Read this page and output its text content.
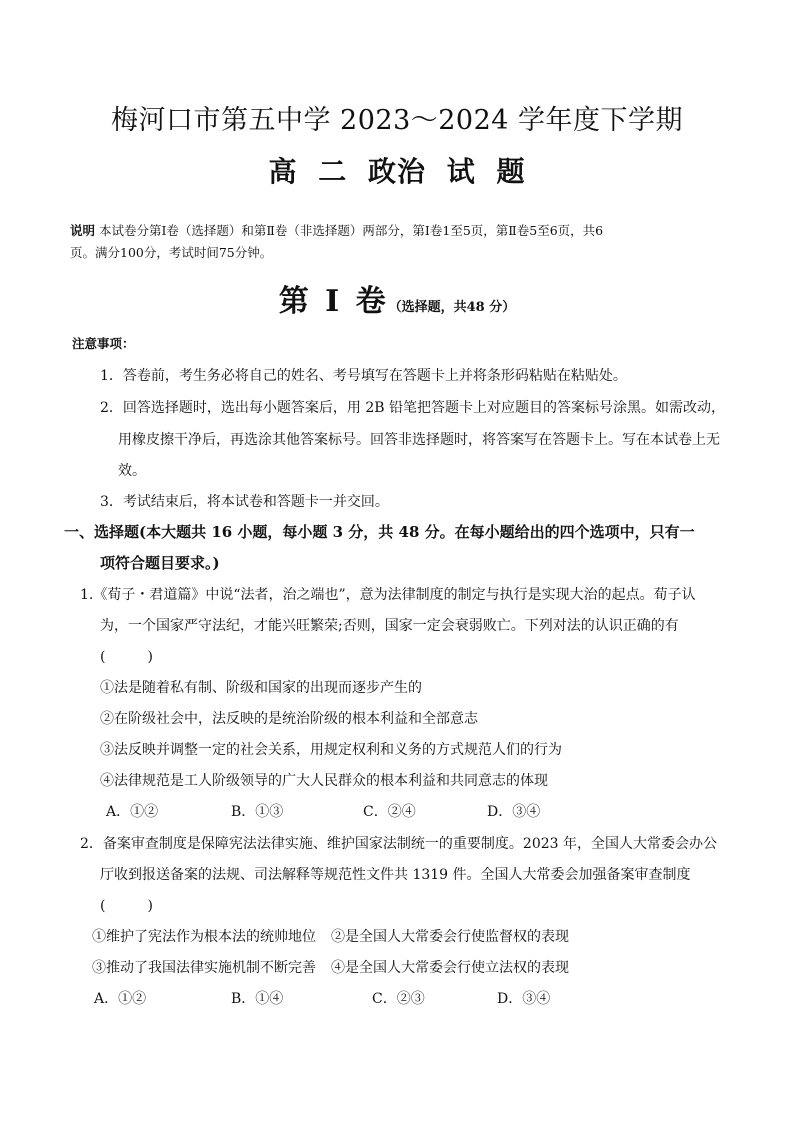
梅河口市第五中学 2023～2024 学年度下学期
高 二 政治 试 题
说明 本试卷分第Ⅰ卷（选择题）和第Ⅱ卷（非选择题）两部分，第Ⅰ卷1至5页，第Ⅱ卷5至6页，共6
页。满分100分，考试时间75分钟。
第 Ⅰ 卷（选择题，共48 分）
注意事项：
1．答卷前，考生务必将自己的姓名、考号填写在答题卡上并将条形码粘贴在粘贴处。
2．回答选择题时，选出每小题答案后，用 2B 铅笔把答题卡上对应题目的答案标号涂黑。如需改动，
用橡皮擦干净后，再选涂其他答案标号。回答非选择题时，将答案写在答题卡上。写在本试卷上无
效。
3．考试结束后，将本试卷和答题卡一并交回。
一、选择题(本大题共 16 小题，每小题 3 分，共 48 分。在每小题给出的四个选项中，只有一
项符合题目要求。)
1.《荀子・君道篇》中说“法者，治之端也”，意为法律制度的制定与执行是实现大治的起点。荀子认
为，一个国家严守法纪，才能兴旺繁荣;否则，国家一定会衰弱败亡。下列对法的认识正确的有
(　　　)
①法是随着私有制、阶级和国家的出现而逐步产生的
②在阶级社会中，法反映的是统治阶级的根本利益和全部意志
③法反映并调整一定的社会关系，用规定权利和义务的方式规范人们的行为
④法律规范是工人阶级领导的广大人民群众的根本利益和共同意志的体现
A．①②	B．①③	C．②④	D．③④
2．备案审查制度是保障宪法法律实施、维护国家法制统一的重要制度。2023 年，全国人大常委会办公
厅收到报送备案的法规、司法解释等规范性文件共 1319 件。全国人大常委会加强备案审查制度
(　　　)
①维护了宪法作为根本法的统帅地位 ②是全国人大常委会行使监督权的表现
③推动了我国法律实施机制不断完善 ④是全国人大常委会行使立法权的表现
A．①②	B．①④	C．②③	D．③④
